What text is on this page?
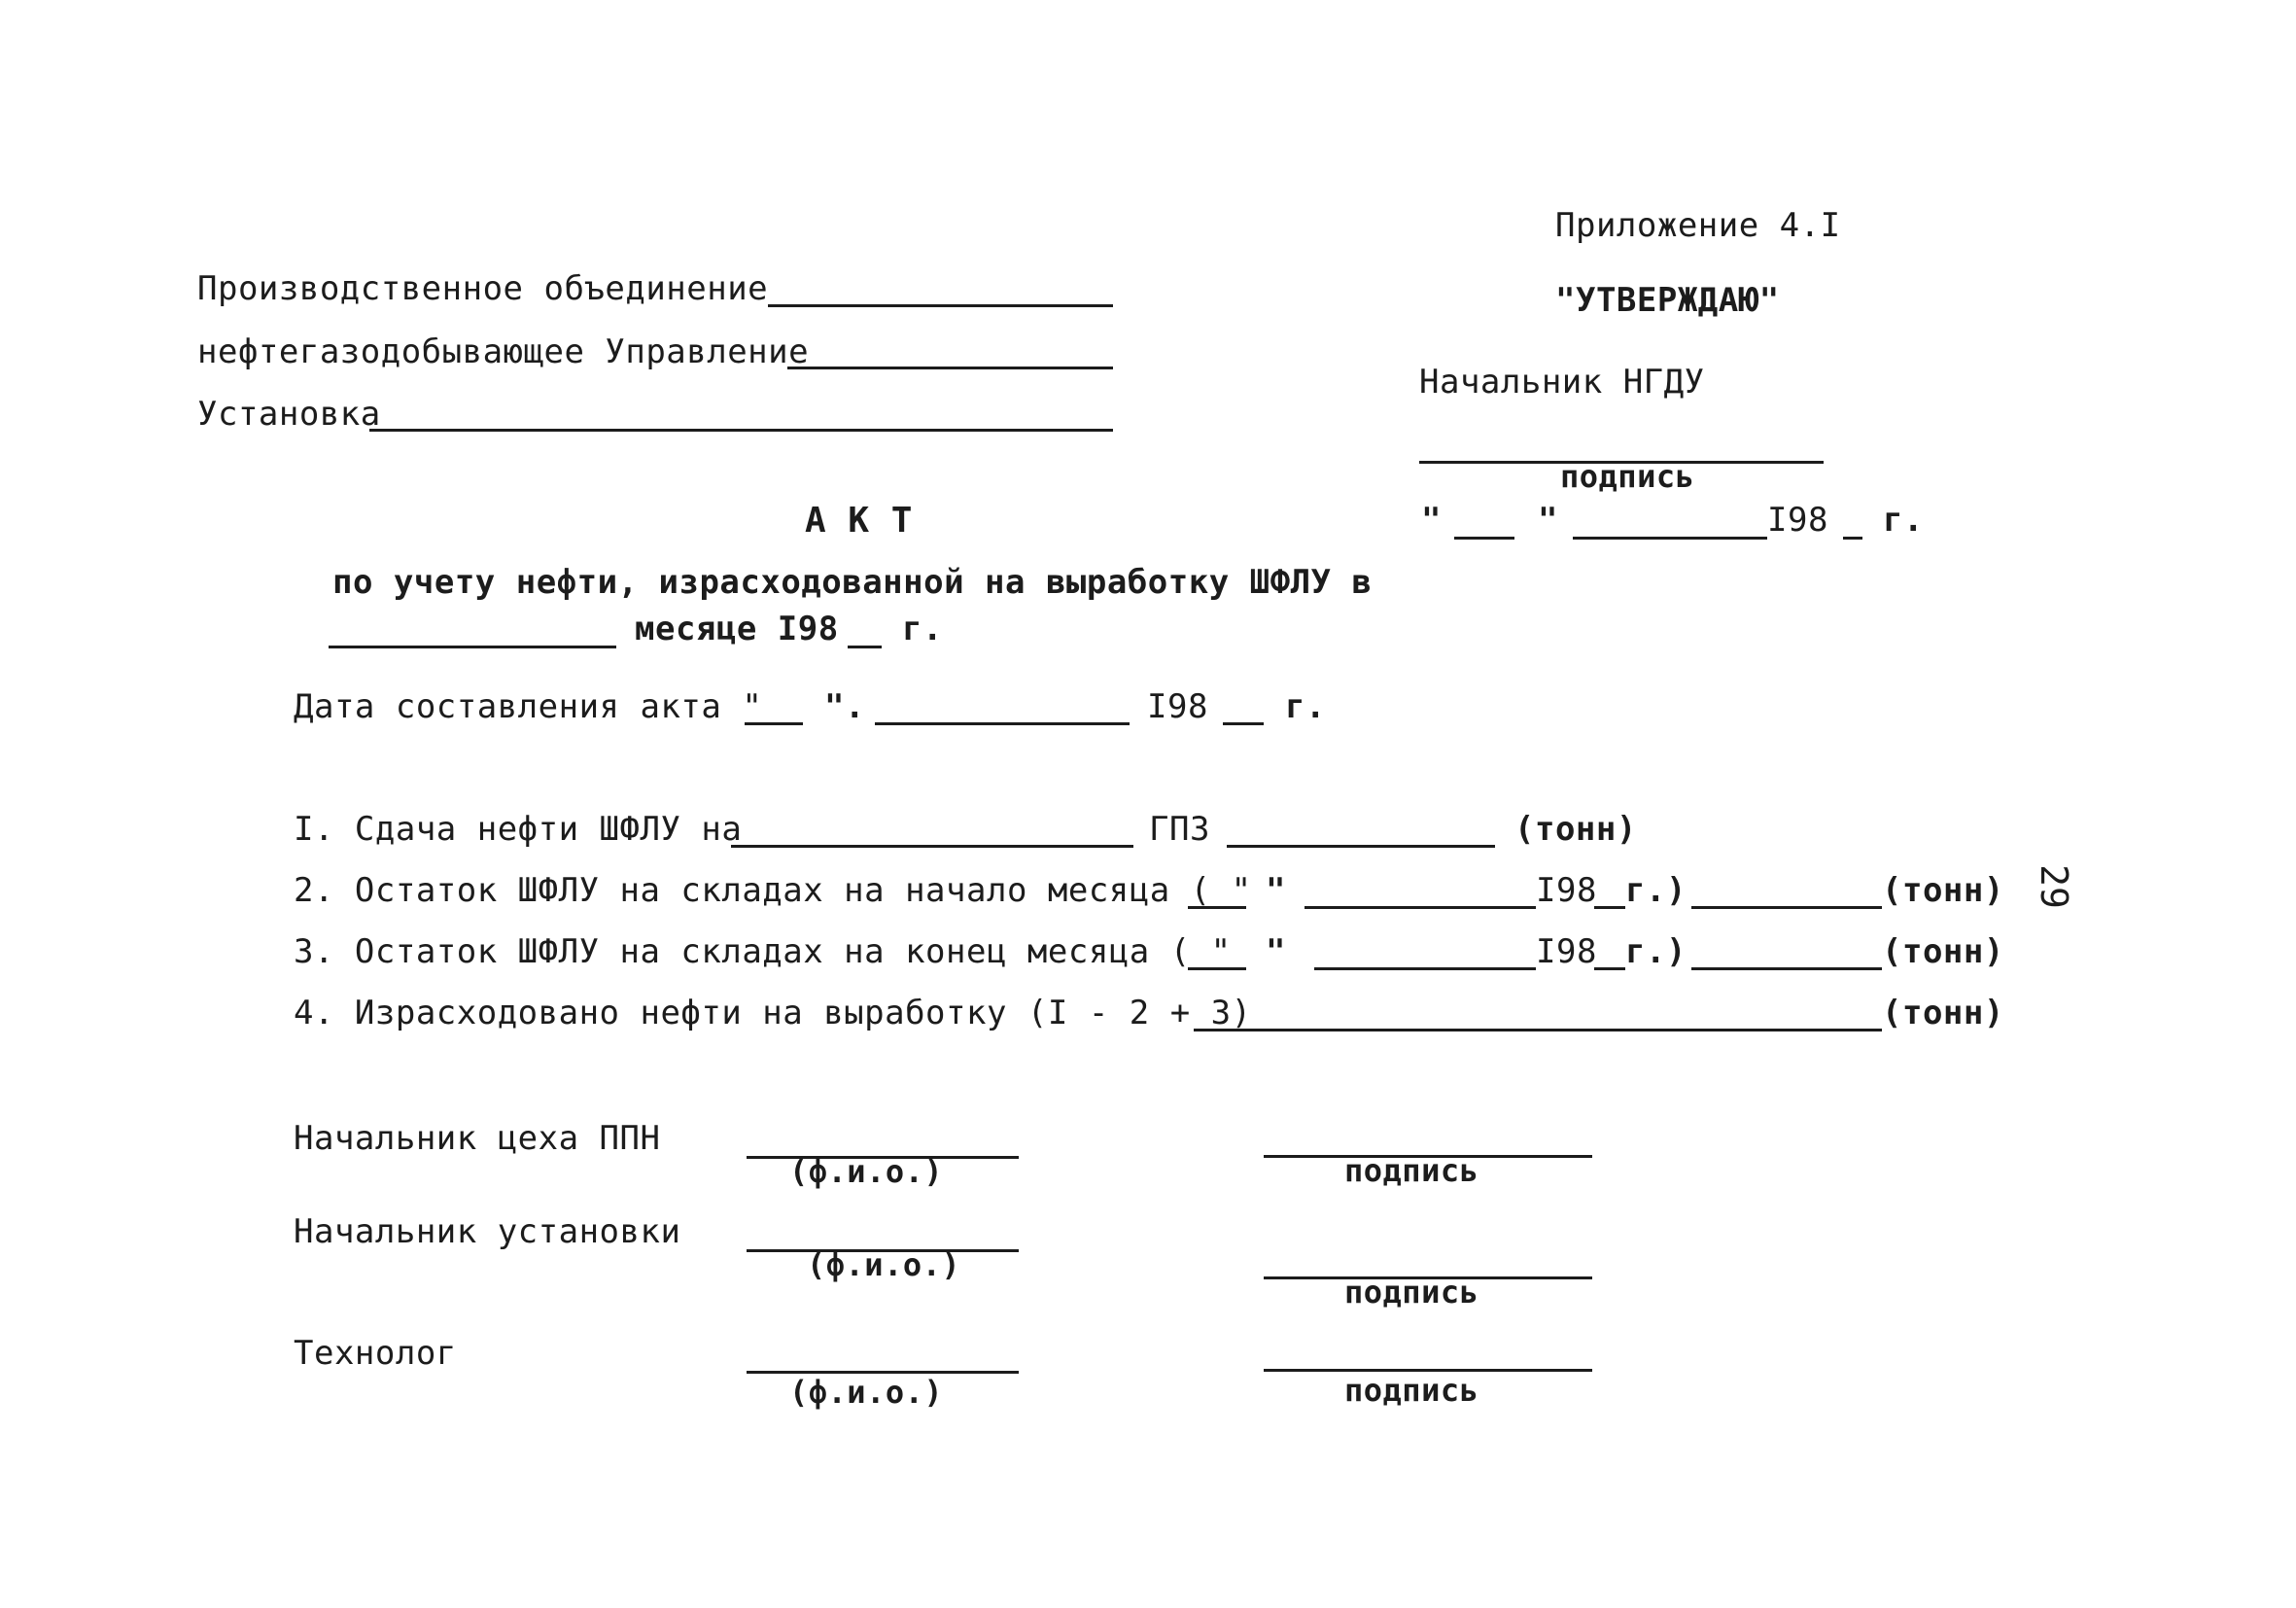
Приложение 4.I
"УТВЕРЖДАЮ"
Начальник НГДУ
подпись
"	"	I98 г.
Производственное объединение
нефтегазодобывающее Управление
Установка
А К Т
по учету нефти, израсходованной на выработку ШФЛУ в
месяце I98 г.
Дата составления акта " ".	I98 г.
I. Сдача нефти ШФЛУ на	ГПЗ	(тонн)
2. Остаток ШФЛУ на складах на начало месяца ( " "	I98 г.)	(тонн)
3. Остаток ШФЛУ на складах на конец месяца ( " "	I98 г.)	(тонн)
4. Израсходовано нефти на выработку (I - 2 + 3)	(тонн)
Начальник цеха ППН
(ф.и.о.)	подпись
Начальник установки
(ф.и.о.)
подпись
Технолог
(ф.и.о.)	подпись
29
